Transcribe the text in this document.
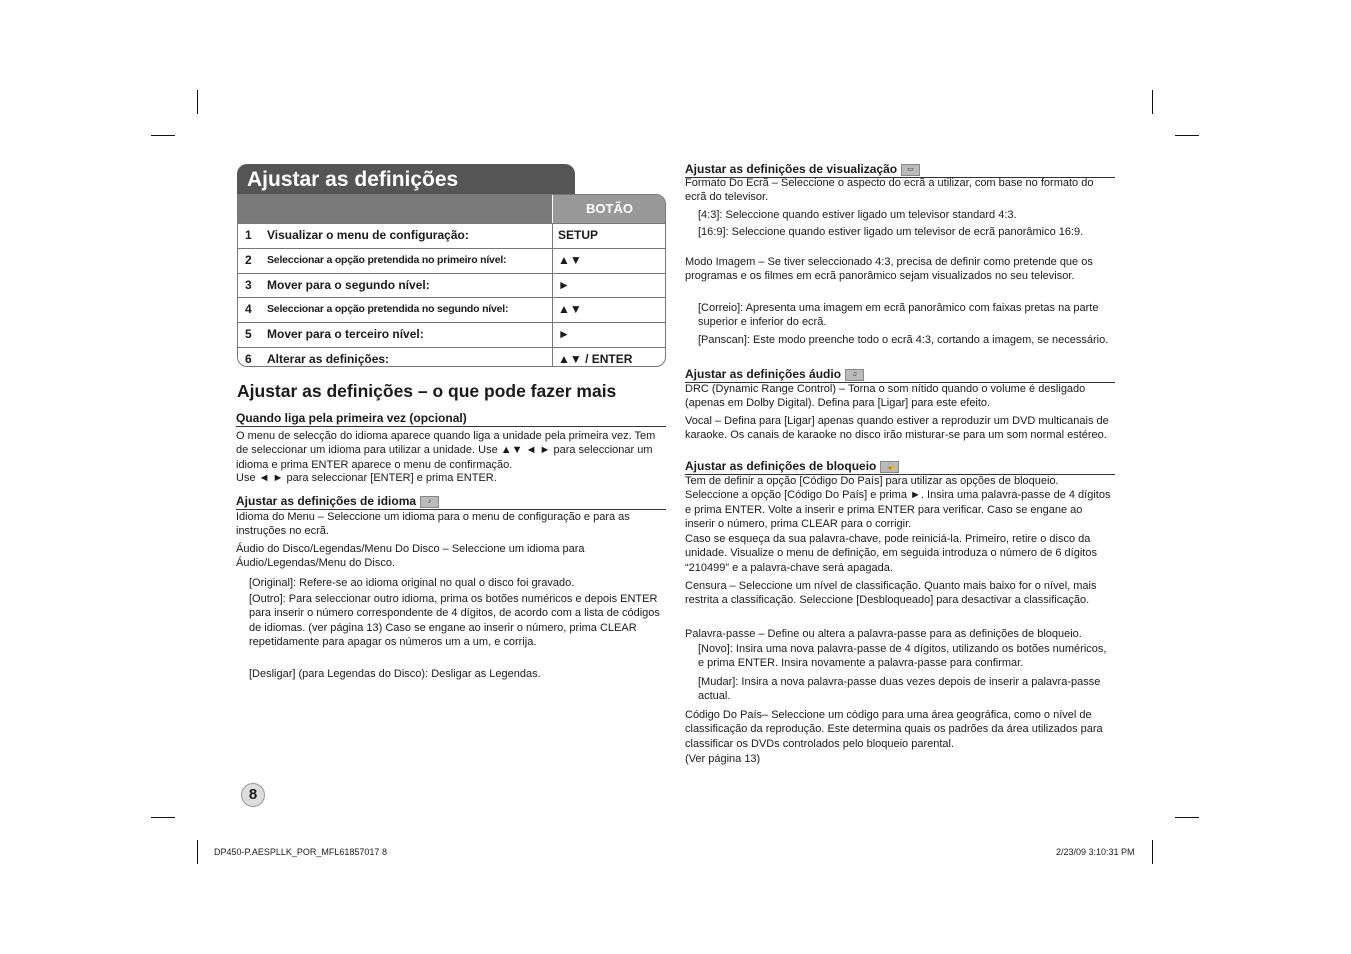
Ajustar as definições
BOTÃO
1 Visualizar o menu de configuração:	SETUP
2 Seleccionar a opção pretendida no primeiro nível:	▲▼
3 Mover para o segundo nível:	►
4 Seleccionar a opção pretendida no segundo nível:	▲▼
5 Mover para o terceiro nível:	►
6 Alterar as definições:	▲▼ / ENTER
Ajustar as definições – o que pode fazer mais
Quando liga pela primeira vez (opcional)
O menu de selecção do idioma aparece quando liga a unidade pela primeira vez. Tem de seleccionar um idioma para utilizar a unidade. Use ▲▼ ◄ ► para seleccionar um idioma e prima ENTER aparece o menu de confirmação.
Use ◄ ► para seleccionar [ENTER] e prima ENTER.
Ajustar as definições de idioma ♪
Idioma do Menu – Seleccione um idioma para o menu de configuração e para as instruções no ecrã.
Áudio do Disco/Legendas/Menu Do Disco – Seleccione um idioma para Áudio/Legendas/Menu do Disco.
[Original]: Refere-se ao idioma original no qual o disco foi gravado.
[Outro]: Para seleccionar outro idioma, prima os botões numéricos e depois ENTER para inserir o número correspondente de 4 dígitos, de acordo com a lista de códigos de idiomas. (ver página 13) Caso se engane ao inserir o número, prima CLEAR repetidamente para apagar os números um a um, e corrija.
[Desligar] (para Legendas do Disco): Desligar as Legendas.
8
Ajustar as definições de visualização ▭
Formato Do Ecrã – Seleccione o aspecto do ecrã a utilizar, com base no formato do ecrã do televisor.
[4:3]: Seleccione quando estiver ligado um televisor standard 4:3.
[16:9]: Seleccione quando estiver ligado um televisor de ecrã panorâmico 16:9.
Modo Imagem – Se tiver seleccionado 4:3, precisa de definir como pretende que os programas e os filmes em ecrã panorâmico sejam visualizados no seu televisor.
[Correio]: Apresenta uma imagem em ecrã panorâmico com faixas pretas na parte superior e inferior do ecrã.
[Panscan]: Este modo preenche todo o ecrã 4:3, cortando a imagem, se necessário.
Ajustar as definições áudio ♫
DRC (Dynamic Range Control) – Torna o som nítido quando o volume é desligado (apenas em Dolby Digital). Defina para [Ligar] para este efeito.
Vocal – Defina para [Ligar] apenas quando estiver a reproduzir um DVD multicanais de karaoke. Os canais de karaoke no disco irão misturar-se para um som normal estéreo.
Ajustar as definições de bloqueio 🔒
Tem de definir a opção [Código Do País] para utilizar as opções de bloqueio. Seleccione a opção [Código Do País] e prima ►. Insira uma palavra-passe de 4 dígitos e prima ENTER. Volte a inserir e prima ENTER para verificar. Caso se engane ao inserir o número, prima CLEAR para o corrigir.
Caso se esqueça da sua palavra-chave, pode reiniciá-la. Primeiro, retire o disco da unidade. Visualize o menu de definição, em seguida introduza o número de 6 dígitos “210499” e a palavra-chave será apagada.
Censura – Seleccione um nível de classificação. Quanto mais baixo for o nível, mais restrita a classificação. Seleccione [Desbloqueado] para desactivar a classificação.
Palavra-passe – Define ou altera a palavra-passe para as definições de bloqueio.
[Novo]: Insira uma nova palavra-passe de 4 dígitos, utilizando os botões numéricos, e prima ENTER. Insira novamente a palavra-passe para confirmar.
[Mudar]: Insira a nova palavra-passe duas vezes depois de inserir a palavra-passe actual.
Código Do País– Seleccione um código para uma área geográfica, como o nível de classificação da reprodução. Este determina quais os padrões da área utilizados para classificar os DVDs controlados pelo bloqueio parental.
(Ver página 13)
DP450-P.AESPLLK_POR_MFL61857017 8	2/23/09 3:10:31 PM
